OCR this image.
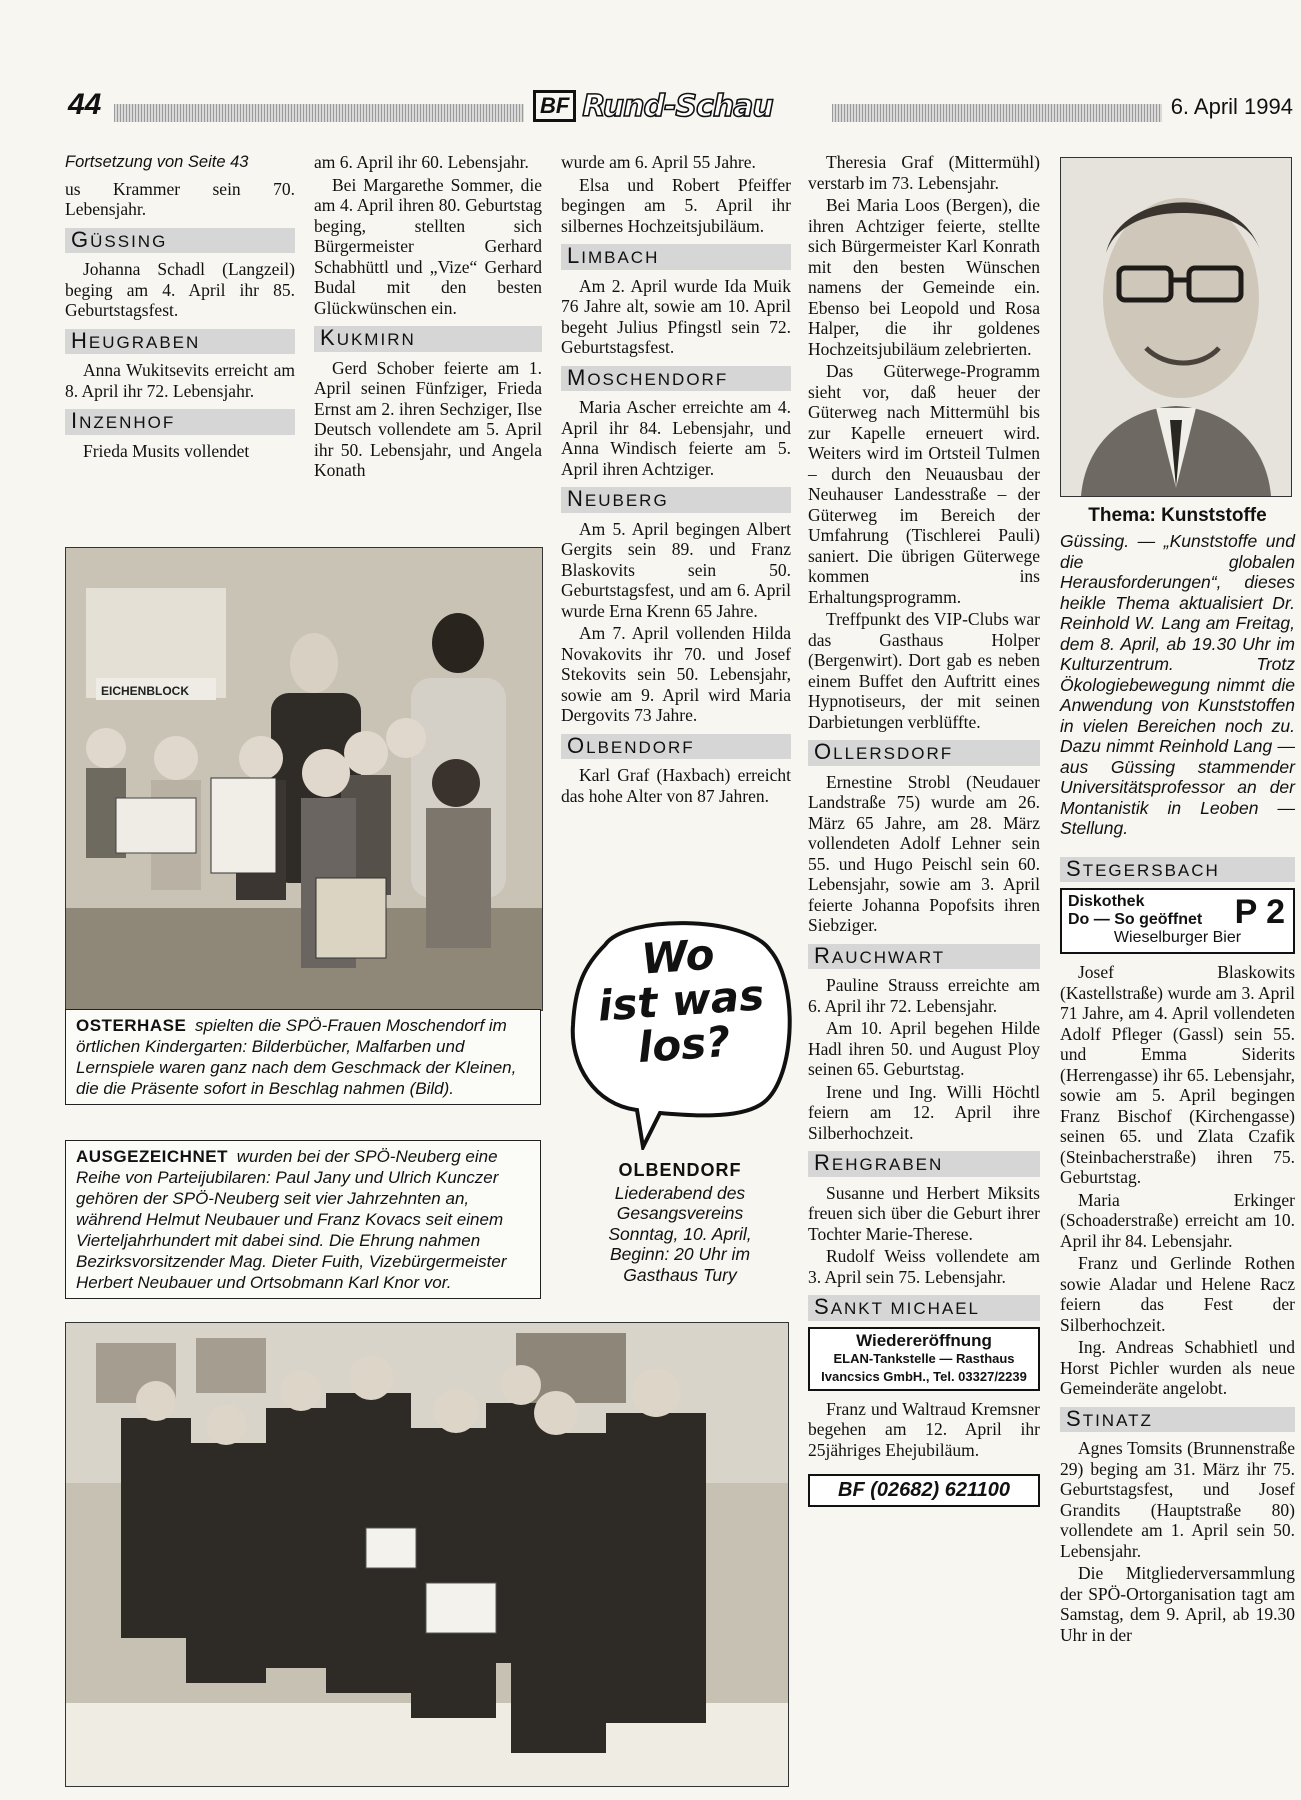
44	BF Rund-Schau	6. April 1994

Fortsetzung von Seite 43

us Krammer sein 70. Lebensjahr.

GÜSSING

Johanna Schadl (Langzeil) beging am 4. April ihr 85. Geburtstagsfest.

HEUGRABEN

Anna Wukitsevits erreicht am 8. April ihr 72. Lebensjahr.

INZENHOF

Frieda Musits vollendet

am 6. April ihr 60. Lebensjahr.

Bei Margarethe Sommer, die am 4. April ihren 80. Geburtstag beging, stellten sich Bürgermeister Gerhard Schabhüttl und „Vize“ Gerhard Budal mit den besten Glückwünschen ein.

KUKMIRN

Gerd Schober feierte am 1. April seinen Fünfziger, Frieda Ernst am 2. ihren Sechziger, Ilse Deutsch vollendete am 5. April ihr 50. Lebensjahr, und Angela Konath

EICHENBLOCK
OSTERHASE spielten die SPÖ-Frauen Moschendorf im örtlichen Kindergarten: Bilderbücher, Malfarben und Lernspiele waren ganz nach dem Geschmack der Kleinen, die die Präsente sofort in Beschlag nahmen (Bild).
AUSGEZEICHNET wurden bei der SPÖ-Neuberg eine Reihe von Parteijubilaren: Paul Jany und Ulrich Kunczer gehören der SPÖ-Neuberg seit vier Jahrzehnten an, während Helmut Neubauer und Franz Kovacs seit einem Vierteljahrhundert mit dabei sind. Die Ehrung nahmen Bezirksvorsitzender Mag. Dieter Fuith, Vizebürgermeister Herbert Neubauer und Ortsobmann Karl Knor vor.

wurde am 6. April 55 Jahre.

Elsa und Robert Pfeiffer begingen am 5. April ihr silbernes Hochzeitsjubiläum.

LIMBACH

Am 2. April wurde Ida Muik 76 Jahre alt, sowie am 10. April begeht Julius Pfingstl sein 72. Geburtstagsfest.

MOSCHENDORF

Maria Ascher erreichte am 4. April ihr 84. Lebensjahr, und Anna Windisch feierte am 5. April ihren Achtziger.

NEUBERG

Am 5. April begingen Albert Gergits sein 89. und Franz Blaskovits sein 50. Geburtstagsfest, und am 6. April wurde Erna Krenn 65 Jahre.

Am 7. April vollenden Hilda Novakovits ihr 70. und Josef Stekovits sein 50. Lebensjahr, sowie am 9. April wird Maria Dergovits 73 Jahre.

OLBENDORF

Karl Graf (Haxbach) erreicht das hohe Alter von 87 Jahren.

Wo
ist was
los?
OLBENDORF
Liederabend des
Gesangsvereins
Sonntag, 10. April,
Beginn: 20 Uhr im
Gasthaus Tury

Theresia Graf (Mittermühl) verstarb im 73. Lebensjahr.

Bei Maria Loos (Bergen), die ihren Achtziger feierte, stellte sich Bürgermeister Karl Konrath mit den besten Wünschen namens der Gemeinde ein. Ebenso bei Leopold und Rosa Halper, die ihr goldenes Hochzeitsjubiläum zelebrierten.

Das Güterwege-Programm sieht vor, daß heuer der Güterweg nach Mittermühl bis zur Kapelle erneuert wird. Weiters wird im Ortsteil Tulmen – durch den Neuausbau der Neuhauser Landesstraße – der Güterweg im Bereich der Umfahrung (Tischlerei Pauli) saniert. Die übrigen Güterwege kommen ins Erhaltungsprogramm.

Treffpunkt des VIP-Clubs war das Gasthaus Holper (Bergenwirt). Dort gab es neben einem Buffet den Auftritt eines Hypnotiseurs, der mit seinen Darbietungen verblüffte.

OLLERSDORF

Ernestine Strobl (Neudauer Landstraße 75) wurde am 26. März 65 Jahre, am 28. März vollendeten Adolf Lehner sein 55. und Hugo Peischl sein 60. Lebensjahr, sowie am 3. April feierte Johanna Popofsits ihren Siebziger.

RAUCHWART

Pauline Strauss erreichte am 6. April ihr 72. Lebensjahr.

Am 10. April begehen Hilde Hadl ihren 50. und August Ploy seinen 65. Geburtstag.

Irene und Ing. Willi Höchtl feiern am 12. April ihre Silberhochzeit.

REHGRABEN

Susanne und Herbert Miksits freuen sich über die Geburt ihrer Tochter Marie-Therese.

Rudolf Weiss vollendete am 3. April sein 75. Lebensjahr.

SANKT MICHAEL
Wiedereröffnung
ELAN-Tankstelle — Rasthaus
Ivancsics GmbH., Tel. 03327/2239

Franz und Waltraud Kremsner begehen am 12. April ihr 25jähriges Ehejubiläum.

BF (02682) 621100
Thema: Kunststoffe
Güssing. — „Kunststoffe und die globalen Herausforderungen“, dieses heikle Thema aktualisiert Dr. Reinhold W. Lang am Freitag, dem 8. April, ab 19.30 Uhr im Kulturzentrum. Trotz Ökologiebewegung nimmt die Anwendung von Kunststoffen in vielen Bereichen noch zu. Dazu nimmt Reinhold Lang — aus Güssing stammender Universitätsprofessor an der Montanistik in Leoben — Stellung.
STEGERSBACH
Diskothek
Do — So geöffnet
Wieselburger Bier
P 2

Josef Blaskowits (Kastellstraße) wurde am 3. April 71 Jahre, am 4. April vollendeten Adolf Pfleger (Gassl) sein 55. und Emma Siderits (Herrengasse) ihr 65. Lebensjahr, sowie am 5. April begingen Franz Bischof (Kirchengasse) seinen 65. und Zlata Czafik (Steinbacherstraße) ihren 75. Geburtstag.

Maria Erkinger (Schoaderstraße) erreicht am 10. April ihr 84. Lebensjahr.

Franz und Gerlinde Rothen sowie Aladar und Helene Racz feiern das Fest der Silberhochzeit.

Ing. Andreas Schabhietl und Horst Pichler wurden als neue Gemeinderäte angelobt.

STINATZ

Agnes Tomsits (Brunnenstraße 29) beging am 31. März ihr 75. Geburtstagsfest, und Josef Grandits (Hauptstraße 80) vollendete am 1. April sein 50. Lebensjahr.

Die Mitgliederversammlung der SPÖ-Ortorganisation tagt am Samstag, dem 9. April, ab 19.30 Uhr in der
